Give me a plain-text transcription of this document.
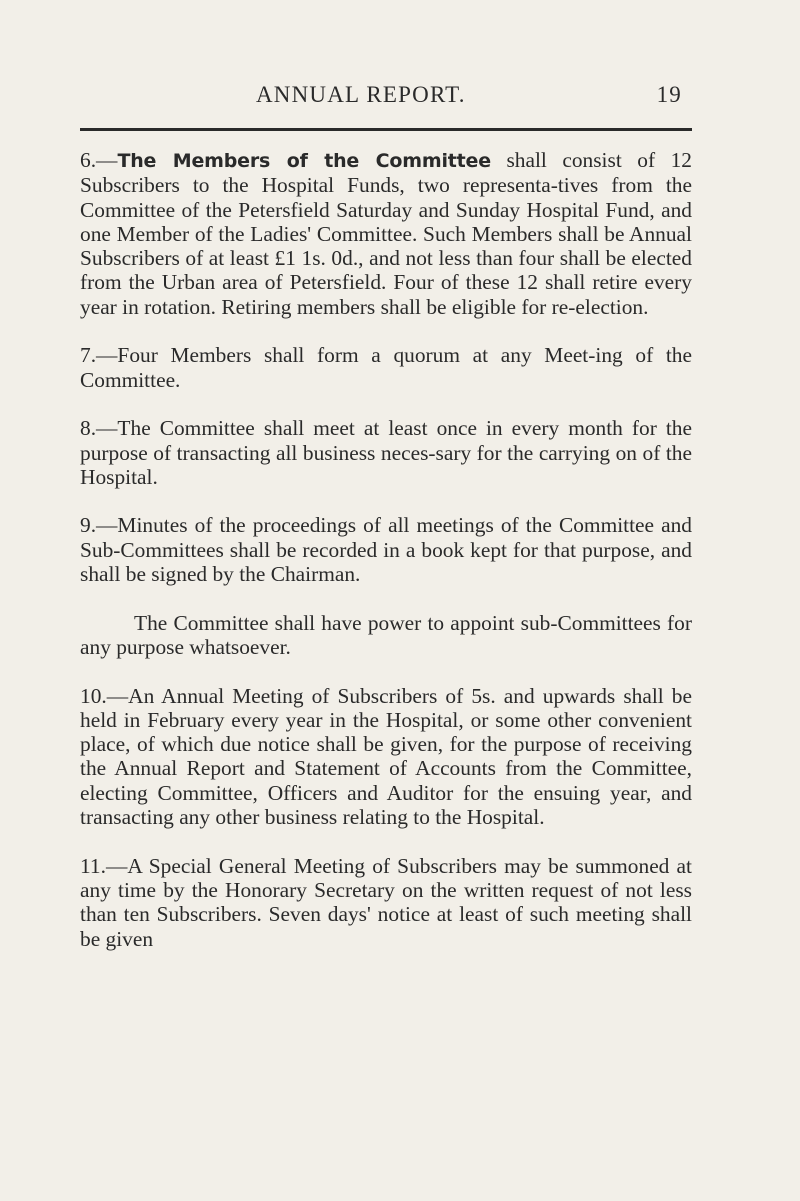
ANNUAL REPORT.	19

6.—The Members of the Committee shall consist of 12 Subscribers to the Hospital Funds, two representa-tives from the Committee of the Petersfield Saturday and Sunday Hospital Fund, and one Member of the Ladies' Committee. Such Members shall be Annual Subscribers of at least £1 1s. 0d., and not less than four shall be elected from the Urban area of Petersfield. Four of these 12 shall retire every year in rotation. Retiring members shall be eligible for re-election.

7.—Four Members shall form a quorum at any Meet-ing of the Committee.

8.—The Committee shall meet at least once in every month for the purpose of transacting all business neces-sary for the carrying on of the Hospital.

9.—Minutes of the proceedings of all meetings of the Committee and Sub-Committees shall be recorded in a book kept for that purpose, and shall be signed by the Chairman.

The Committee shall have power to appoint sub-Committees for any purpose whatsoever.

10.—An Annual Meeting of Subscribers of 5s. and upwards shall be held in February every year in the Hospital, or some other convenient place, of which due notice shall be given, for the purpose of receiving the Annual Report and Statement of Accounts from the Committee, electing Committee, Officers and Auditor for the ensuing year, and transacting any other business relating to the Hospital.

11.—A Special General Meeting of Subscribers may be summoned at any time by the Honorary Secretary on the written request of not less than ten Subscribers. Seven days' notice at least of such meeting shall be given
